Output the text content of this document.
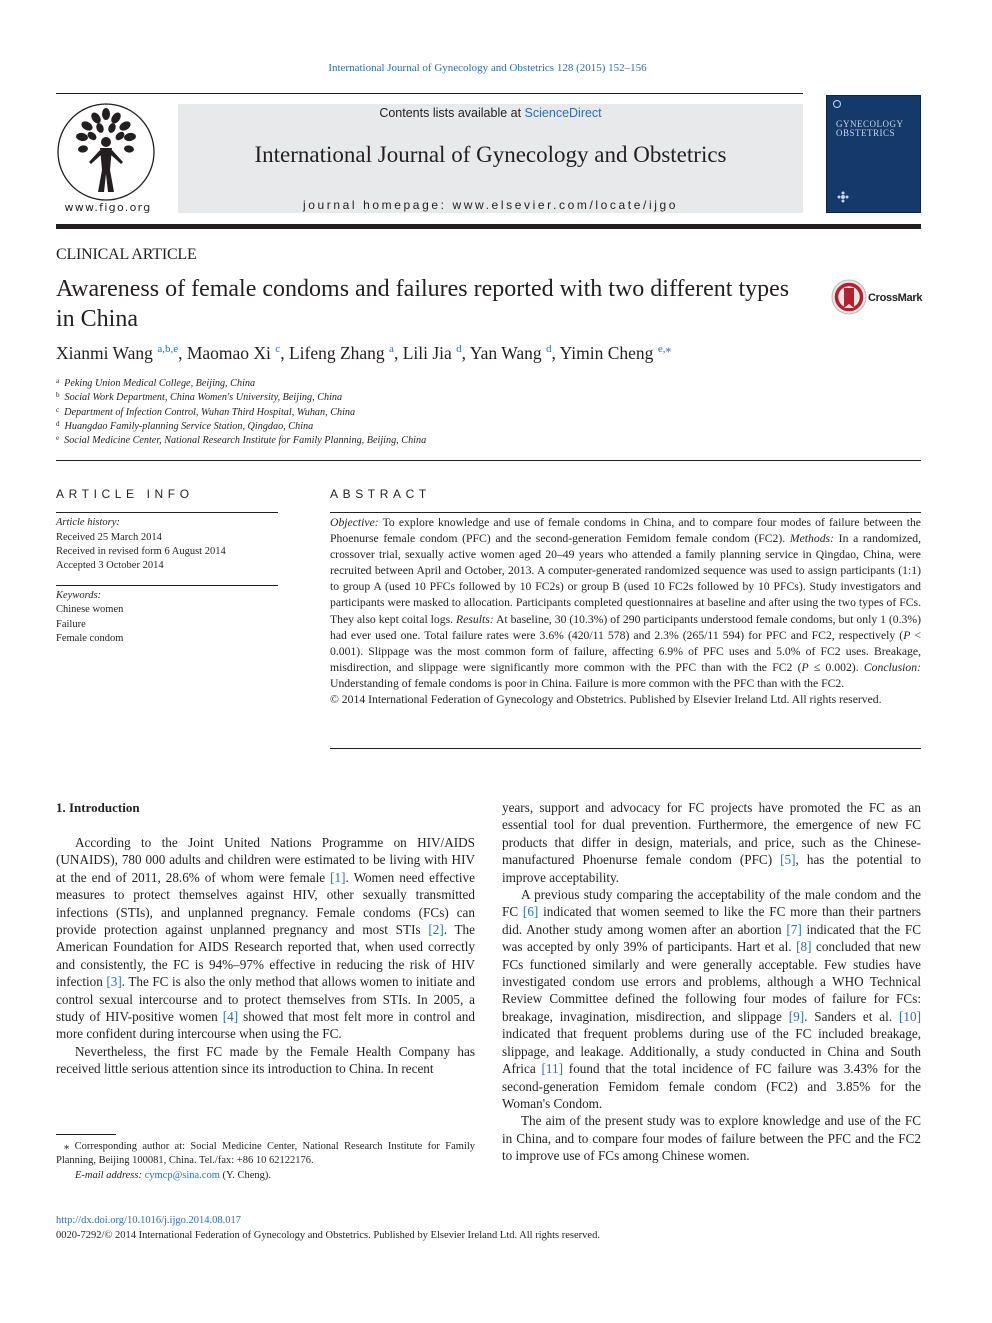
International Journal of Gynecology and Obstetrics 128 (2015) 152–156
Contents lists available at ScienceDirect
International Journal of Gynecology and Obstetrics
journal homepage: www.elsevier.com/locate/ijgo
www.figo.org
GYNECOLOGY
OBSTETRICS
CLINICAL ARTICLE
Awareness of female condoms and failures reported with two different types in China
CrossMark
Xianmi Wang $^{a,b,e}$, Maomao Xi $^c$, Lifeng Zhang $^a$, Lili Jia $^d$, Yan Wang $^d$, Yimin Cheng $^{e,⁎}$
$^a$ Peking Union Medical College, Beijing, China
$^b$ Social Work Department, China Women's University, Beijing, China
$^c$ Department of Infection Control, Wuhan Third Hospital, Wuhan, China
$^d$ Huangdao Family-planning Service Station, Qingdao, China
$^e$ Social Medicine Center, National Research Institute for Family Planning, Beijing, China
ARTICLE INFO
Article history:
Received 25 March 2014
Received in revised form 6 August 2014
Accepted 3 October 2014
Keywords:
Chinese women
Failure
Female condom
ABSTRACT

Objective: To explore knowledge and use of female condoms in China, and to compare four modes of failure between the Phoenurse female condom (PFC) and the second-generation Femidom female condom (FC2). Methods: In a randomized, crossover trial, sexually active women aged 20–49 years who attended a family planning service in Qingdao, China, were recruited between April and October, 2013. A computer-generated randomized sequence was used to assign participants (1:1) to group A (used 10 PFCs followed by 10 FC2s) or group B (used 10 FC2s followed by 10 PFCs). Study investigators and participants were masked to allocation. Participants completed questionnaires at baseline and after using the two types of FCs. They also kept coital logs. Results: At baseline, 30 (10.3%) of 290 participants understood female condoms, but only 1 (0.3%) had ever used one. Total failure rates were 3.6% (420/11 578) and 2.3% (265/11 594) for PFC and FC2, respectively (P < 0.001). Slippage was the most common form of failure, affecting 6.9% of PFC uses and 5.0% of FC2 uses. Breakage, misdirection, and slippage were significantly more common with the PFC than with the FC2 (P ≤ 0.002). Conclusion: Understanding of female condoms is poor in China. Failure is more common with the PFC than with the FC2.

© 2014 International Federation of Gynecology and Obstetrics. Published by Elsevier Ireland Ltd. All rights reserved.

1. Introduction

According to the Joint United Nations Programme on HIV/AIDS (UNAIDS), 780 000 adults and children were estimated to be living with HIV at the end of 2011, 28.6% of whom were female [1]. Women need effective measures to protect themselves against HIV, other sexually transmitted infections (STIs), and unplanned pregnancy. Female condoms (FCs) can provide protection against unplanned pregnancy and most STIs [2]. The American Foundation for AIDS Research reported that, when used correctly and consistently, the FC is 94%–97% effective in reducing the risk of HIV infection [3]. The FC is also the only method that allows women to initiate and control sexual intercourse and to protect themselves from STIs. In 2005, a study of HIV-positive women [4] showed that most felt more in control and more confident during intercourse when using the FC.

Nevertheless, the first FC made by the Female Health Company has received little serious attention since its introduction to China. In recent

years, support and advocacy for FC projects have promoted the FC as an essential tool for dual prevention. Furthermore, the emergence of new FC products that differ in design, materials, and price, such as the Chinese-manufactured Phoenurse female condom (PFC) [5], has the potential to improve acceptability.

A previous study comparing the acceptability of the male condom and the FC [6] indicated that women seemed to like the FC more than their partners did. Another study among women after an abortion [7] indicated that the FC was accepted by only 39% of participants. Hart et al. [8] concluded that new FCs functioned similarly and were generally acceptable. Few studies have investigated condom use errors and problems, although a WHO Technical Review Committee defined the following four modes of failure for FCs: breakage, invagination, misdirection, and slippage [9]. Sanders et al. [10] indicated that frequent problems during use of the FC included breakage, slippage, and leakage. Additionally, a study conducted in China and South Africa [11] found that the total incidence of FC failure was 3.43% for the second-generation Femidom female condom (FC2) and 3.85% for the Woman's Condom.

The aim of the present study was to explore knowledge and use of the FC in China, and to compare four modes of failure between the PFC and the FC2 to improve use of FCs among Chinese women.

⁎ Corresponding author at: Social Medicine Center, National Research Institute for Family Planning, Beijing 100081, China. Tel./fax: +86 10 62122176.

E-mail address: cymcp@sina.com (Y. Cheng).

http://dx.doi.org/10.1016/j.ijgo.2014.08.017
0020-7292/© 2014 International Federation of Gynecology and Obstetrics. Published by Elsevier Ireland Ltd. All rights reserved.
